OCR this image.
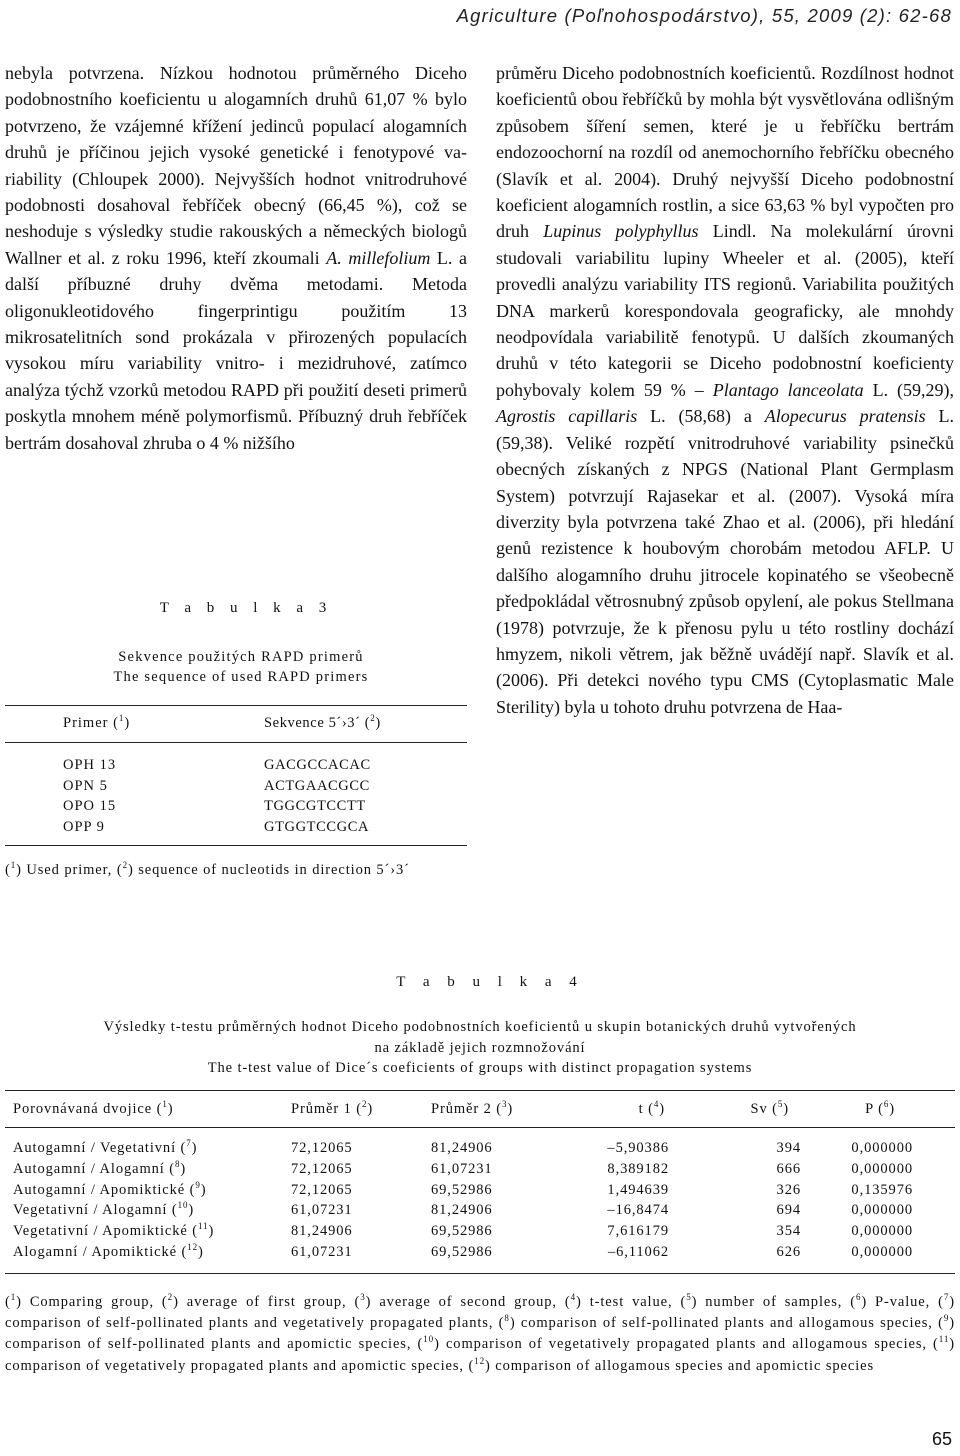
Agriculture (Poľnohospodárstvo), 55, 2009 (2): 62-68
nebyla potvrzena. Nízkou hodnotou průměrného Diceho podobnostního koeficientu u alogamních druhů 61,07 % bylo potvrzeno, že vzájemné křížení jedinců populací alogamních druhů je příčinou jejich vysoké genetické i fenotypové variability (Chloupek 2000). Nejvyšších hodnot vnitrodruhové podobnosti dosahoval řebříček obecný (66,45 %), což se neshoduje s výsledky studie rakouských a německých biologů Wallner et al. z roku 1996, kteří zkoumali A. millefolium L. a další příbuzné druhy dvěma metodami. Metoda oligonukleotidového fingerprintigu použitím 13 mikrosatelitních sond prokázala v přirozených populacích vysokou míru variability vnitro- i mezidruhové, zatímco analýza týchž vzorků metodou RAPD při použití deseti primerů poskytla mnohem méně polymorfismů. Příbuzný druh řebříček bertrám dosahoval zhruba o 4 % nižšího
průměru Diceho podobnostních koeficientů. Rozdílnost hodnot koeficientů obou řebříčků by mohla být vysvětlována odlišným způsobem šíření semen, které je u řebříčku bertrám endozoochorní na rozdíl od anemochorního řebříčku obecného (Slavík et al. 2004). Druhý nejvyšší Diceho podobnostní koeficient alogamních rostlin, a sice 63,63 % byl vypočten pro druh Lupinus polyphyllus Lindl. Na molekulární úrovni studovali variabilitu lupiny Wheeler et al. (2005), kteří provedli analýzu variability ITS regionů. Variabilita použitých DNA markerů korespondovala geograficky, ale mnohdy neodpovídala variabilitě fenotypů. U dalších zkoumaných druhů v této kategorii se Diceho podobnostní koeficienty pohybovaly kolem 59 % – Plantago lanceolata L. (59,29), Agrostis capillaris L. (58,68) a Alopecurus pratensis L. (59,38). Veliké rozpětí vnitrodruhové variability psinečků obecných získaných z NPGS (National Plant Germplasm System) potvrzují Rajasekar et al. (2007). Vysoká míra diverzity byla potvrzena také Zhao et al. (2006), při hledání genů rezistence k houbovým chorobám metodou AFLP. U dalšího alogamního druhu jitrocele kopinatého se všeobecně předpokládal větrosnubný způsob opylení, ale pokus Stellmana (1978) potvrzuje, že k přenosu pylu u této rostliny dochází hmyzem, nikoli větrem, jak běžně uvádějí např. Slavík et al. (2006). Při detekci nového typu CMS (Cytoplasmatic Male Sterility) byla u tohoto druhu potvrzena de Haa-
T a b u l k a 3
Sekvence použitých RAPD primerů
The sequence of used RAPD primers
Primer ($^1$)	Sekvence 5´›3´ ($^2$)
OPH 13	GACGCCACAC
OPN 5	ACTGAACGCC
OPO 15	TGGCGTCCTT
OPP 9	GTGGTCCGCA
($^1$) Used primer, ($^2$) sequence of nucleotids in direction 5´›3´
T a b u l k a 4
Výsledky t-testu průměrných hodnot Diceho podobnostních koeficientů u skupin botanických druhů vytvořených
na základě jejich rozmnožování
The t-test value of Dice´s coeficients of groups with distinct propagation systems
Porovnávaná dvojice ($^1$)	Průměr 1 ($^2$)	Průměr 2 ($^3$)	t ($^4$)	Sv ($^5$)	P ($^6$)
Autogamní / Vegetativní ($^7$)	72,12065	81,24906	–5,90386	394	0,000000
Autogamní / Alogamní ($^8$)	72,12065	61,07231	8,389182	666	0,000000
Autogamní / Apomiktické ($^9$)	72,12065	69,52986	1,494639	326	0,135976
Vegetativní / Alogamní ($^{10}$)	61,07231	81,24906	–16,8474	694	0,000000
Vegetativní / Apomiktické ($^{11}$)	81,24906	69,52986	7,616179	354	0,000000
Alogamní / Apomiktické ($^{12}$)	61,07231	69,52986	–6,11062	626	0,000000
($^1$) Comparing group, ($^2$) average of first group, ($^3$) average of second group, ($^4$) t-test value, ($^5$) number of samples, ($^6$) P-value, ($^7$) comparison of self-pollinated plants and vegetatively propagated plants, ($^8$) comparison of self-pollinated plants and allogamous species, ($^9$) comparison of self-pollinated plants and apomictic species, ($^{10}$) comparison of vegetatively propagated plants and allogamous species, ($^{11}$) comparison of vegetatively propagated plants and apomictic species, ($^{12}$) comparison of allogamous species and apomictic species
65
